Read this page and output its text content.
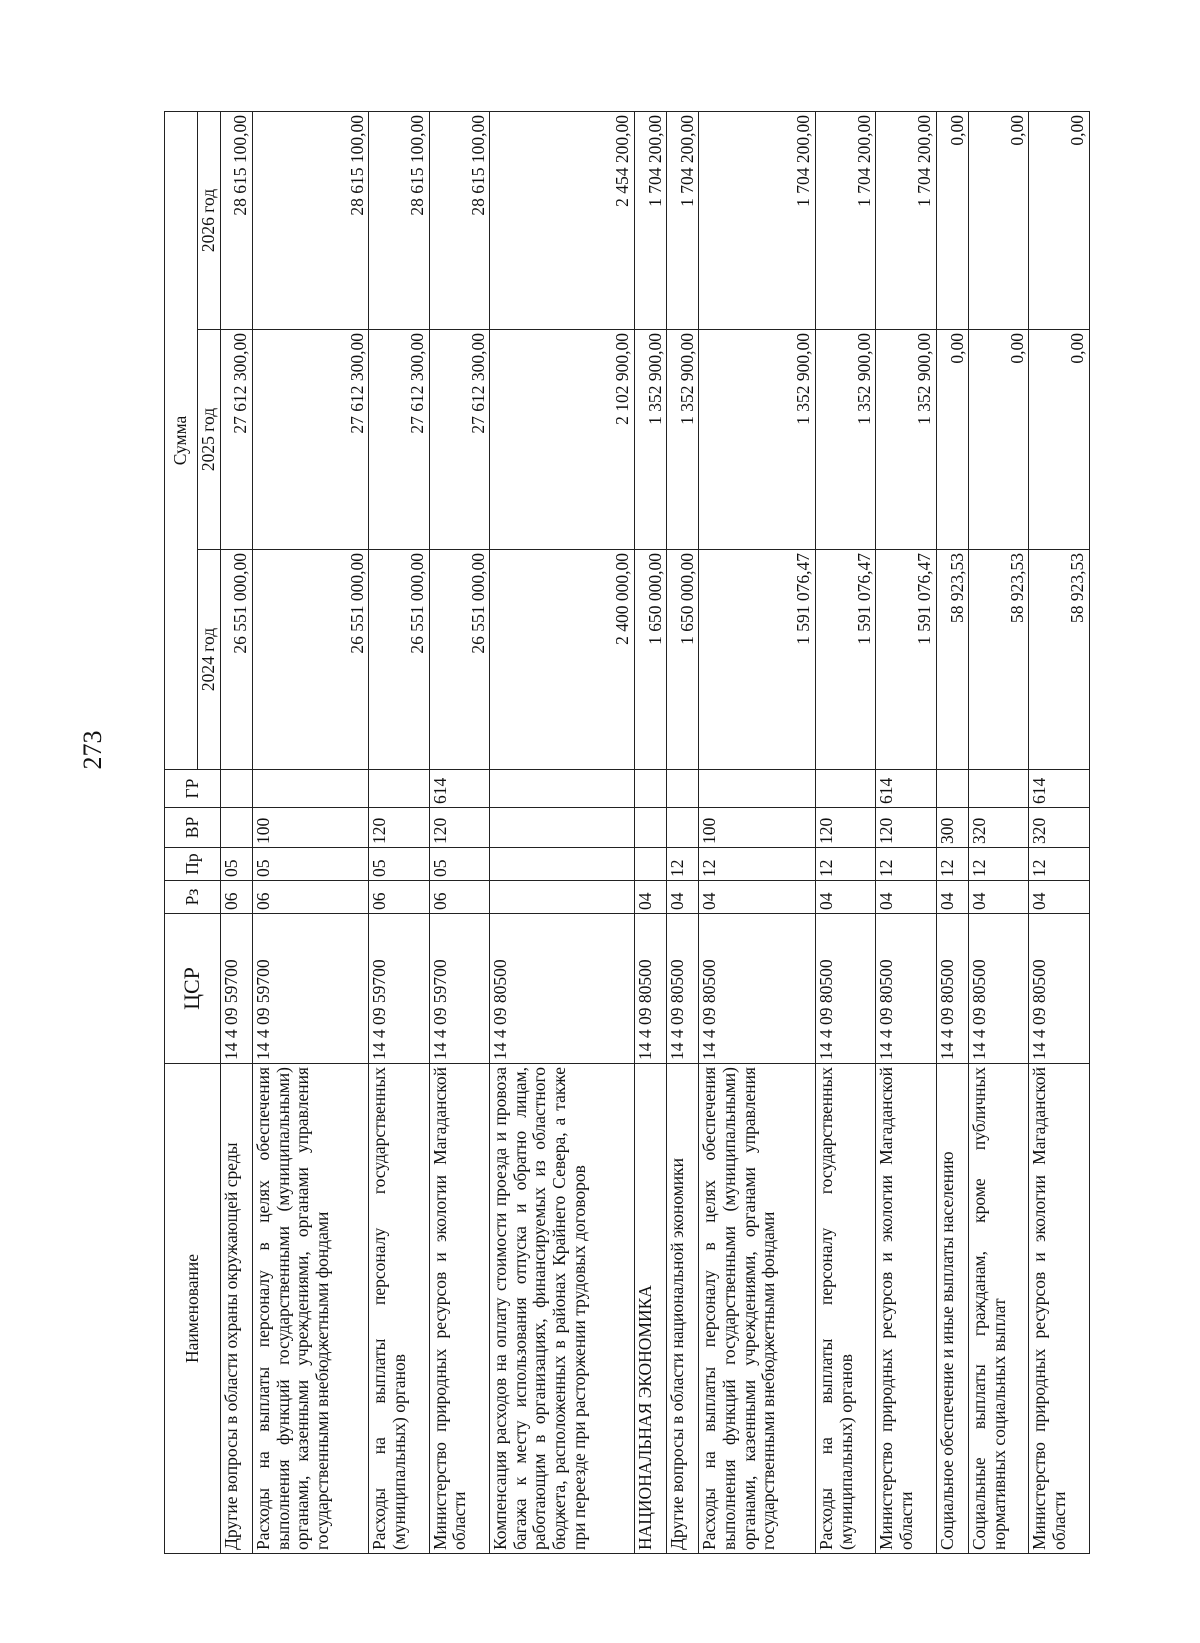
273
Наименование	ЦСР	Рз	Пр	ВР	ГР	Сумма		
						2024 год	2025 год	2026 год
Другие вопросы в области охраны окружающей среды	14 4 09 59700	06	05			26 551 000,00	27 612 300,00	28 615 100,00
Расходы на выплаты персоналу в целях обеспечения выполнения функций государственными (муниципальными) органами, казенными учреждениями, органами управления государственными внебюджетными фондами	14 4 09 59700	06	05	100		26 551 000,00	27 612 300,00	28 615 100,00
Расходы на выплаты персоналу государственных (муниципальных) органов	14 4 09 59700	06	05	120		26 551 000,00	27 612 300,00	28 615 100,00
Министерство природных ресурсов и экологии Магаданской области	14 4 09 59700	06	05	120	614	26 551 000,00	27 612 300,00	28 615 100,00
Компенсация расходов на оплату стоимости проезда и провоза багажа к месту использования отпуска и обратно лицам, работающим в организациях, финансируемых из областного бюджета, расположенных в районах Крайнего Севера, а также при переезде при расторжении трудовых договоров	14 4 09 80500					2 400 000,00	2 102 900,00	2 454 200,00
НАЦИОНАЛЬНАЯ ЭКОНОМИКА	14 4 09 80500	04				1 650 000,00	1 352 900,00	1 704 200,00
Другие вопросы в области национальной экономики	14 4 09 80500	04	12			1 650 000,00	1 352 900,00	1 704 200,00
Расходы на выплаты персоналу в целях обеспечения выполнения функций государственными (муниципальными) органами, казенными учреждениями, органами управления государственными внебюджетными фондами	14 4 09 80500	04	12	100		1 591 076,47	1 352 900,00	1 704 200,00
Расходы на выплаты персоналу государственных (муниципальных) органов	14 4 09 80500	04	12	120		1 591 076,47	1 352 900,00	1 704 200,00
Министерство природных ресурсов и экологии Магаданской области	14 4 09 80500	04	12	120	614	1 591 076,47	1 352 900,00	1 704 200,00
Социальное обеспечение и иные выплаты населению	14 4 09 80500	04	12	300		58 923,53	0,00	0,00
Социальные выплаты гражданам, кроме публичных нормативных социальных выплат	14 4 09 80500	04	12	320		58 923,53	0,00	0,00
Министерство природных ресурсов и экологии Магаданской области	14 4 09 80500	04	12	320	614	58 923,53	0,00	0,00
